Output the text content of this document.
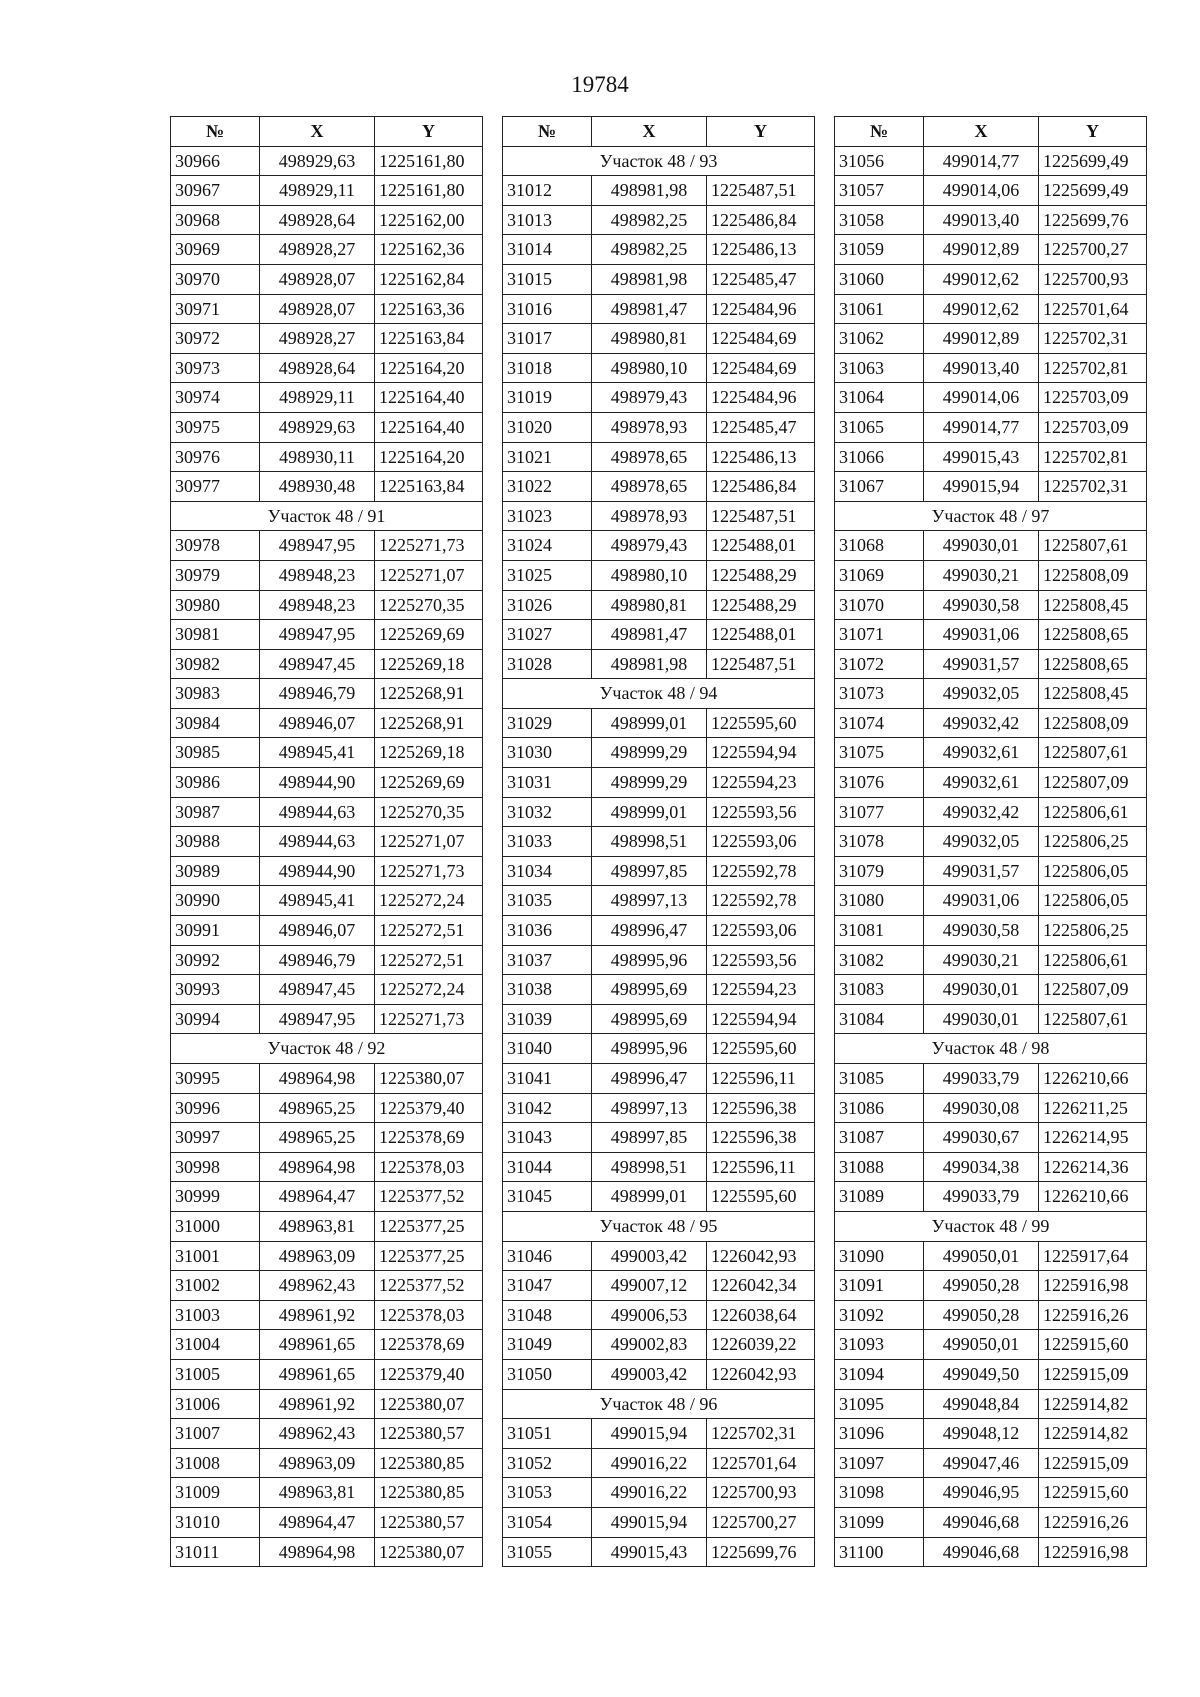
19784
№	X	Y
30966	498929,63	1225161,80
30967	498929,11	1225161,80
30968	498928,64	1225162,00
30969	498928,27	1225162,36
30970	498928,07	1225162,84
30971	498928,07	1225163,36
30972	498928,27	1225163,84
30973	498928,64	1225164,20
30974	498929,11	1225164,40
30975	498929,63	1225164,40
30976	498930,11	1225164,20
30977	498930,48	1225163,84
Участок 48 / 91		
30978	498947,95	1225271,73
30979	498948,23	1225271,07
30980	498948,23	1225270,35
30981	498947,95	1225269,69
30982	498947,45	1225269,18
30983	498946,79	1225268,91
30984	498946,07	1225268,91
30985	498945,41	1225269,18
30986	498944,90	1225269,69
30987	498944,63	1225270,35
30988	498944,63	1225271,07
30989	498944,90	1225271,73
30990	498945,41	1225272,24
30991	498946,07	1225272,51
30992	498946,79	1225272,51
30993	498947,45	1225272,24
30994	498947,95	1225271,73
Участок 48 / 92		
30995	498964,98	1225380,07
30996	498965,25	1225379,40
30997	498965,25	1225378,69
30998	498964,98	1225378,03
30999	498964,47	1225377,52
31000	498963,81	1225377,25
31001	498963,09	1225377,25
31002	498962,43	1225377,52
31003	498961,92	1225378,03
31004	498961,65	1225378,69
31005	498961,65	1225379,40
31006	498961,92	1225380,07
31007	498962,43	1225380,57
31008	498963,09	1225380,85
31009	498963,81	1225380,85
31010	498964,47	1225380,57
31011	498964,98	1225380,07
№	X	Y
Участок 48 / 93		
31012	498981,98	1225487,51
31013	498982,25	1225486,84
31014	498982,25	1225486,13
31015	498981,98	1225485,47
31016	498981,47	1225484,96
31017	498980,81	1225484,69
31018	498980,10	1225484,69
31019	498979,43	1225484,96
31020	498978,93	1225485,47
31021	498978,65	1225486,13
31022	498978,65	1225486,84
31023	498978,93	1225487,51
31024	498979,43	1225488,01
31025	498980,10	1225488,29
31026	498980,81	1225488,29
31027	498981,47	1225488,01
31028	498981,98	1225487,51
Участок 48 / 94		
31029	498999,01	1225595,60
31030	498999,29	1225594,94
31031	498999,29	1225594,23
31032	498999,01	1225593,56
31033	498998,51	1225593,06
31034	498997,85	1225592,78
31035	498997,13	1225592,78
31036	498996,47	1225593,06
31037	498995,96	1225593,56
31038	498995,69	1225594,23
31039	498995,69	1225594,94
31040	498995,96	1225595,60
31041	498996,47	1225596,11
31042	498997,13	1225596,38
31043	498997,85	1225596,38
31044	498998,51	1225596,11
31045	498999,01	1225595,60
Участок 48 / 95		
31046	499003,42	1226042,93
31047	499007,12	1226042,34
31048	499006,53	1226038,64
31049	499002,83	1226039,22
31050	499003,42	1226042,93
Участок 48 / 96		
31051	499015,94	1225702,31
31052	499016,22	1225701,64
31053	499016,22	1225700,93
31054	499015,94	1225700,27
31055	499015,43	1225699,76
№	X	Y
31056	499014,77	1225699,49
31057	499014,06	1225699,49
31058	499013,40	1225699,76
31059	499012,89	1225700,27
31060	499012,62	1225700,93
31061	499012,62	1225701,64
31062	499012,89	1225702,31
31063	499013,40	1225702,81
31064	499014,06	1225703,09
31065	499014,77	1225703,09
31066	499015,43	1225702,81
31067	499015,94	1225702,31
Участок 48 / 97		
31068	499030,01	1225807,61
31069	499030,21	1225808,09
31070	499030,58	1225808,45
31071	499031,06	1225808,65
31072	499031,57	1225808,65
31073	499032,05	1225808,45
31074	499032,42	1225808,09
31075	499032,61	1225807,61
31076	499032,61	1225807,09
31077	499032,42	1225806,61
31078	499032,05	1225806,25
31079	499031,57	1225806,05
31080	499031,06	1225806,05
31081	499030,58	1225806,25
31082	499030,21	1225806,61
31083	499030,01	1225807,09
31084	499030,01	1225807,61
Участок 48 / 98		
31085	499033,79	1226210,66
31086	499030,08	1226211,25
31087	499030,67	1226214,95
31088	499034,38	1226214,36
31089	499033,79	1226210,66
Участок 48 / 99		
31090	499050,01	1225917,64
31091	499050,28	1225916,98
31092	499050,28	1225916,26
31093	499050,01	1225915,60
31094	499049,50	1225915,09
31095	499048,84	1225914,82
31096	499048,12	1225914,82
31097	499047,46	1225915,09
31098	499046,95	1225915,60
31099	499046,68	1225916,26
31100	499046,68	1225916,98
